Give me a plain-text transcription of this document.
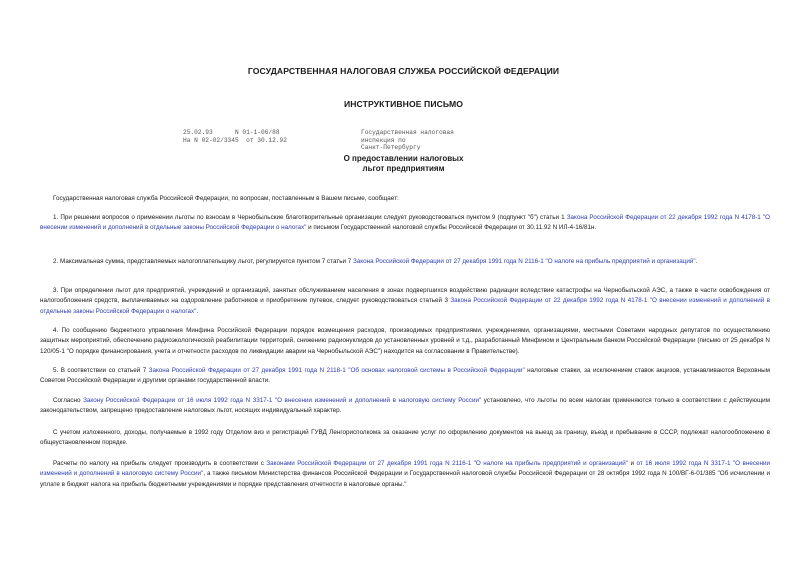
ГОСУДАРСТВЕННАЯ НАЛОГОВАЯ СЛУЖБА РОССИЙСКОЙ ФЕДЕРАЦИИ
ИНСТРУКТИВНОЕ ПИСЬМО
25.02.93	N 01-1-06/88
На N 02-02/3345 от 30.12.92
Государственная налоговая
инспекция по
Санкт-Петербургу
О предоставлении налоговых
льгот предприятиям
Государственная налоговая служба Российской Федерации, по вопросам, поставленным в Вашем письме, сообщает:
1. При решении вопросов о применении льготы по взносам в Чернобыльские благотворительные организации следует руководствоваться пунктом 9 (подпункт "б") статьи 1 Закона Российской Федерации от 22 декабря 1992 года N 4178-1 "О внесении изменений и дополнений в отдельные законы Российской Федерации о налогах" и письмом Государственной налоговой службы Российской Федерации от 30.11.92 N ИЛ-4-16/81н.
2. Максимальная сумма, представляемых налогоплательщику льгот, регулируется пунктом 7 статьи 7 Закона Российской Федерации от 27 декабря 1991 года N 2116-1 "О налоге на прибыль предприятий и организаций".
3. При определении льгот для предприятий, учреждений и организаций, занятых обслуживанием населения в зонах подвергшихся воздействию радиации вследствие катастрофы на Чернобыльской АЭС, а также в части освобождения от налогообложения средств, выплачиваемых на оздоровление работников и приобретение путевок, следует руководствоваться статьей 3 Закона Российской Федерации от 22 декабря 1992 года N 4178-1 "О внесении изменений и дополнений в отдельные законы Российской Федерации о налогах".
4. По сообщению бюджетного управления Минфина Российской Федерации порядок возмещения расходов, производимых предприятиями, учреждениями, организациями, местными Советами народных депутатов по осуществлению защитных мероприятий, обеспечению радиоэкологической реабилитации территорий, снижению радионуклидов до установленных уровней и т.д., разработанный Минфином и Центральным банком Российской Федерации (письмо от 25 декабря N 120/05-1 "О порядке финансирования, учета и отчетности расходов по ликвидации аварии на Чернобыльской АЭС") находится на согласовании в Правительстве).
5. В соответствии со статьей 7 Закона Российской Федерации от 27 декабря 1991 года N 2118-1 "Об основах налоговой системы в Российской Федерации" налоговые ставки, за исключением ставок акцизов, устанавливаются Верховным Советом Российской Федерации и другими органами государственной власти.
Согласно Закону Российской Федерации от 16 июля 1992 года N 3317-1 "О внесении изменений и дополнений в налоговую систему России" установлено, что льготы по всем налогам применяются только в соответствии с действующим законодательством, запрещено предоставление налоговых льгот, носящих индивидуальный характер.
С учетом изложенного, доходы, получаемые в 1992 году Отделом виз и регистраций ГУВД Ленгорисполкома за оказание услуг по оформлению документов на выезд за границу, въезд и пребывание в СССР, подлежат налогообложению в общеустановленном порядке.
Расчеты по налогу на прибыль следует производить в соответствии с Законами Российской Федерации от 27 декабря 1991 года N 2116-1 "О налоге на прибыль предприятий и организаций" и от 16 июля 1992 года N 3317-1 "О внесении изменений и дополнений в налоговую систему России", а также письмом Министерства финансов Российской Федерации и Государственной налоговой службы Российской Федерации от 28 октября 1992 года N 100/ВГ-6-01/385 "Об исчислении и уплате в бюджет налога на прибыль бюджетными учреждениями и порядке представления отчетности в налоговые органы."
